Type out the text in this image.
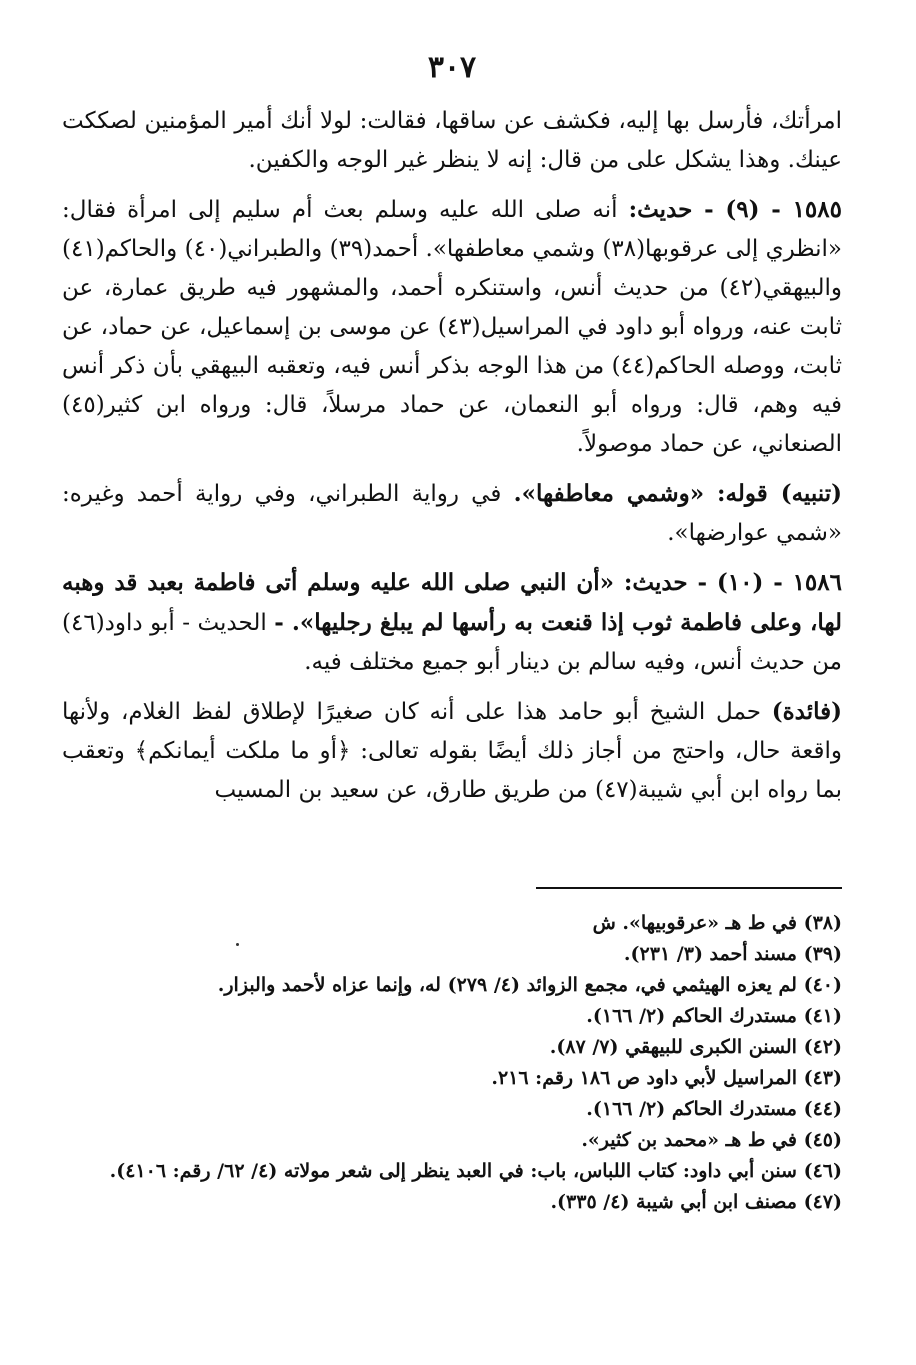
٣٠٧

امرأتك، فأرسل بها إليه، فكشف عن ساقها، فقالت: لولا أنك أمير المؤمنين لصككت عينك. وهذا يشكل على من قال: إنه لا ينظر غير الوجه والكفين.

١٥٨٥ - (٩) - حديث: أنه صلى الله عليه وسلم بعث أم سليم إلى امرأة فقال: «انظري إلى عرقوبها(٣٨) وشمي معاطفها». أحمد(٣٩) والطبراني(٤٠) والحاكم(٤١) والبيهقي(٤٢) من حديث أنس، واستنكره أحمد، والمشهور فيه طريق عمارة، عن ثابت عنه، ورواه أبو داود في المراسيل(٤٣) عن موسى بن إسماعيل، عن حماد، عن ثابت، ووصله الحاكم(٤٤) من هذا الوجه بذكر أنس فيه، وتعقبه البيهقي بأن ذكر أنس فيه وهم، قال: ورواه أبو النعمان، عن حماد مرسلاً، قال: ورواه ابن كثير(٤٥) الصنعاني، عن حماد موصولاً.

(تنبيه) قوله: «وشمي معاطفها». في رواية الطبراني، وفي رواية أحمد وغيره: «شمي عوارضها».

١٥٨٦ - (١٠) - حديث: «أن النبي صلى الله عليه وسلم أتى فاطمة بعبد قد وهبه لها، وعلى فاطمة ثوب إذا قنعت به رأسها لم يبلغ رجليها». - الحديث - أبو داود(٤٦) من حديث أنس، وفيه سالم بن دينار أبو جميع مختلف فيه.

(فائدة) حمل الشيخ أبو حامد هذا على أنه كان صغيرًا لإطلاق لفظ الغلام، ولأنها واقعة حال، واحتج من أجاز ذلك أيضًا بقوله تعالى: ﴿أو ما ملكت أيمانكم﴾ وتعقب بما رواه ابن أبي شيبة(٤٧) من طريق طارق، عن سعيد بن المسيب

(٣٨) في ط هـ «عرقوبيها». ش

(٣٩) مسند أحمد (٣/ ٢٣١).

(٤٠) لم يعزه الهيثمي في، مجمع الزوائد (٤/ ٢٧٩) له، وإنما عزاه لأحمد والبزار.

(٤١) مستدرك الحاكم (٢/ ١٦٦).

(٤٢) السنن الكبرى للبيهقي (٧/ ٨٧).

(٤٣) المراسيل لأبي داود ص ١٨٦ رقم: ٢١٦.

(٤٤) مستدرك الحاكم (٢/ ١٦٦).

(٤٥) في ط هـ «محمد بن كثير».

(٤٦) سنن أبي داود: كتاب اللباس، باب: في العبد ينظر إلى شعر مولاته (٤/ ٦٢/ رقم: ٤١٠٦).

(٤٧) مصنف ابن أبي شيبة (٤/ ٣٣٥).
